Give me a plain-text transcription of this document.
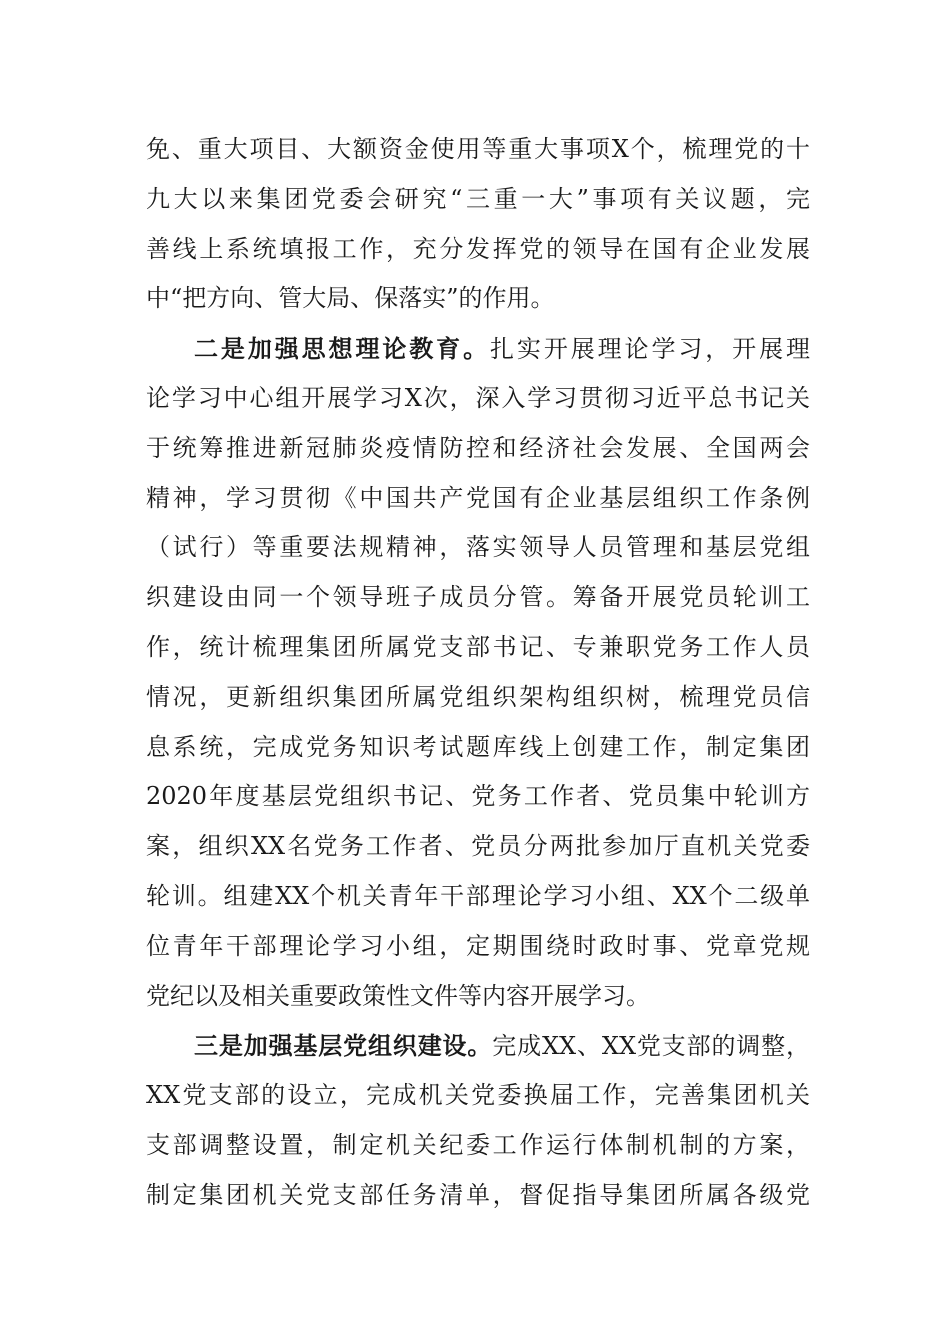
免、重大项目、大额资金使用等重大事项X个，梳理党的十
九大以来集团党委会研究“三重一大”事项有关议题，完
善线上系统填报工作，充分发挥党的领导在国有企业发展
中“把方向、管大局、保落实”的作用。
二是加强思想理论教育。扎实开展理论学习，开展理
论学习中心组开展学习X次，深入学习贯彻习近平总书记关
于统筹推进新冠肺炎疫情防控和经济社会发展、全国两会
精神，学习贯彻《中国共产党国有企业基层组织工作条例
（试行）等重要法规精神，落实领导人员管理和基层党组
织建设由同一个领导班子成员分管。筹备开展党员轮训工
作，统计梳理集团所属党支部书记、专兼职党务工作人员
情况，更新组织集团所属党组织架构组织树，梳理党员信
息系统，完成党务知识考试题库线上创建工作，制定集团
2020年度基层党组织书记、党务工作者、党员集中轮训方
案，组织XX名党务工作者、党员分两批参加厅直机关党委
轮训。组建XX个机关青年干部理论学习小组、XX个二级单
位青年干部理论学习小组，定期围绕时政时事、党章党规
党纪以及相关重要政策性文件等内容开展学习。
三是加强基层党组织建设。完成XX、XX党支部的调整，
XX党支部的设立，完成机关党委换届工作，完善集团机关
支部调整设置，制定机关纪委工作运行体制机制的方案，
制定集团机关党支部任务清单，督促指导集团所属各级党
